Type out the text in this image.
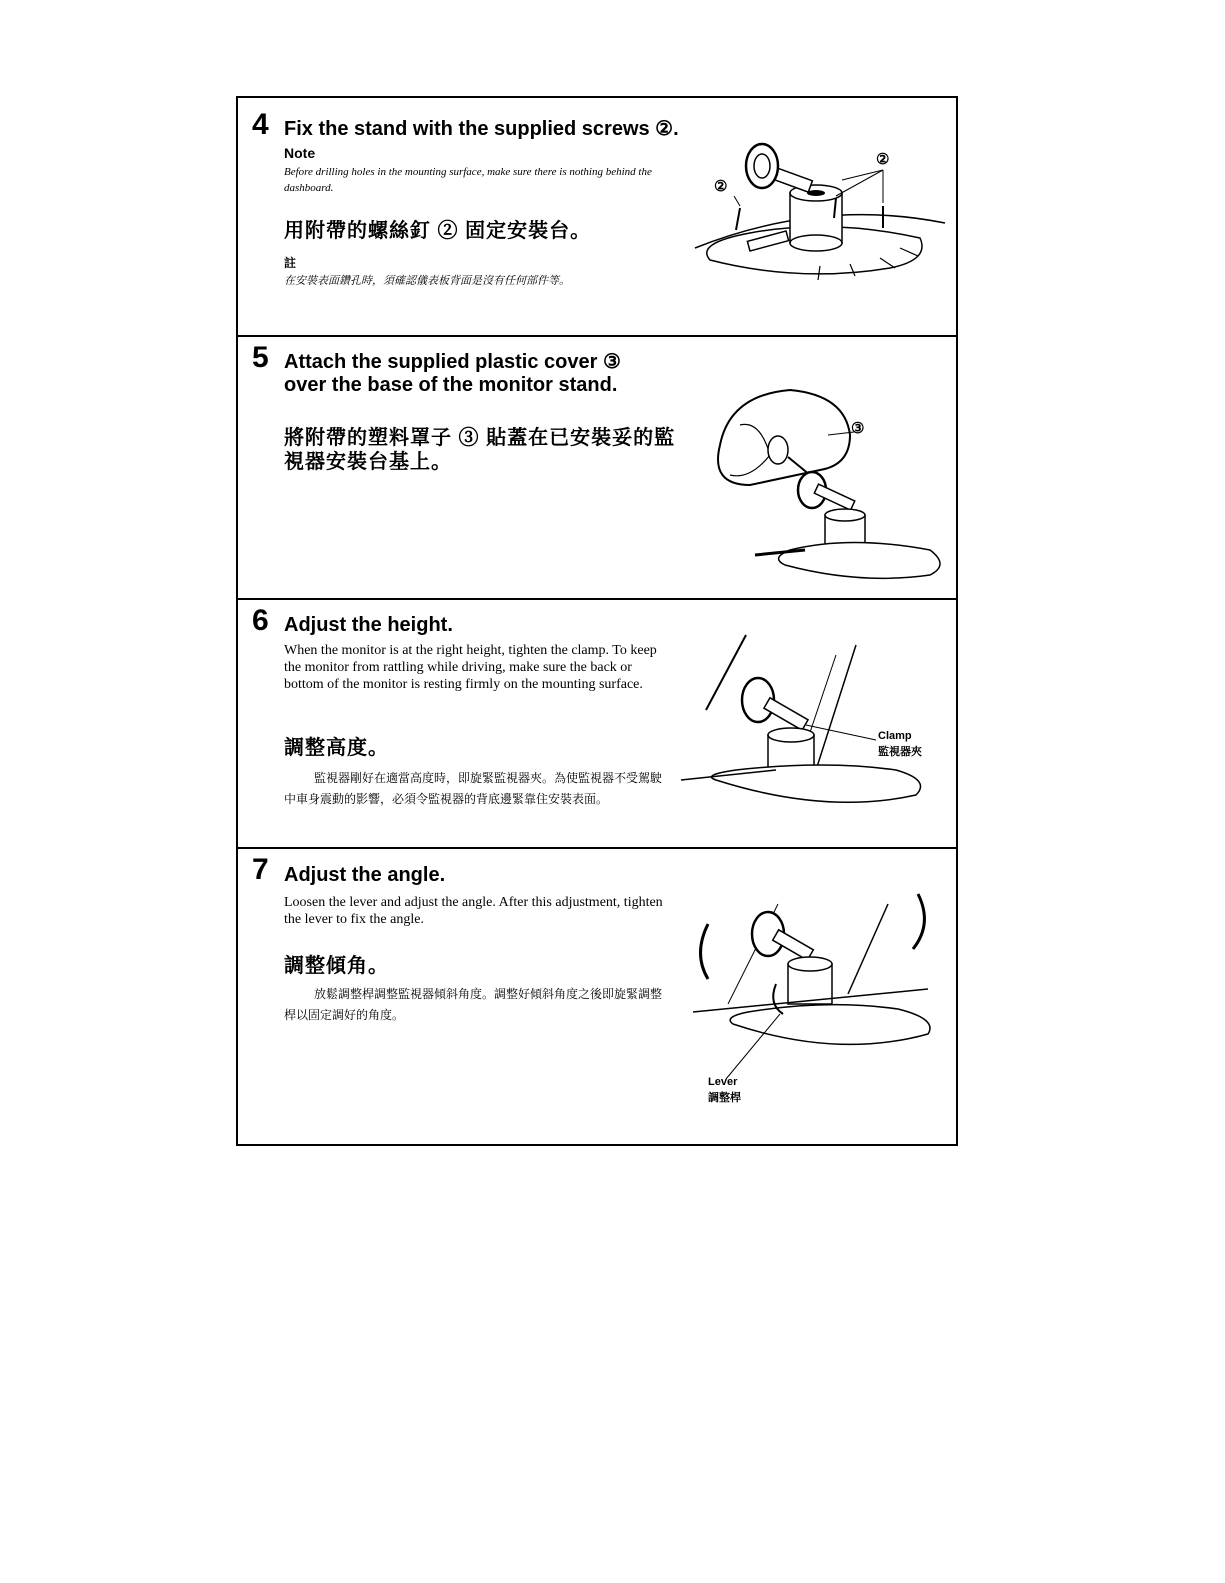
4 Fix the stand with the supplied screws ②.
Note
Before drilling holes in the mounting surface, make sure there is nothing behind the dashboard.
用附帶的螺絲釘 ② 固定安裝台。
註
在安裝表面鑽孔時，須確認儀表板背面是沒有任何部件等。
②
②
5 Attach the supplied plastic cover ③
over the base of the monitor stand.
將附帶的塑料罩子 ③ 貼蓋在已安裝妥的監
視器安裝台基上。
③
6 Adjust the height.
When the monitor is at the right height, tighten the clamp. To keep the monitor from rattling while driving, make sure the back or bottom of the monitor is resting firmly on the mounting surface.
調整高度。
監視器剛好在適當高度時，即旋緊監視器夾。為使監視器不受駕駛中車身震動的影響，必須令監視器的背底邊緊靠住安裝表面。
Clamp
監視器夾
7 Adjust the angle.
Loosen the lever and adjust the angle. After this adjustment, tighten the lever to fix the angle.
調整傾角。
放鬆調整桿調整監視器傾斜角度。調整好傾斜角度之後即旋緊調整桿以固定調好的角度。
Lever
調整桿
